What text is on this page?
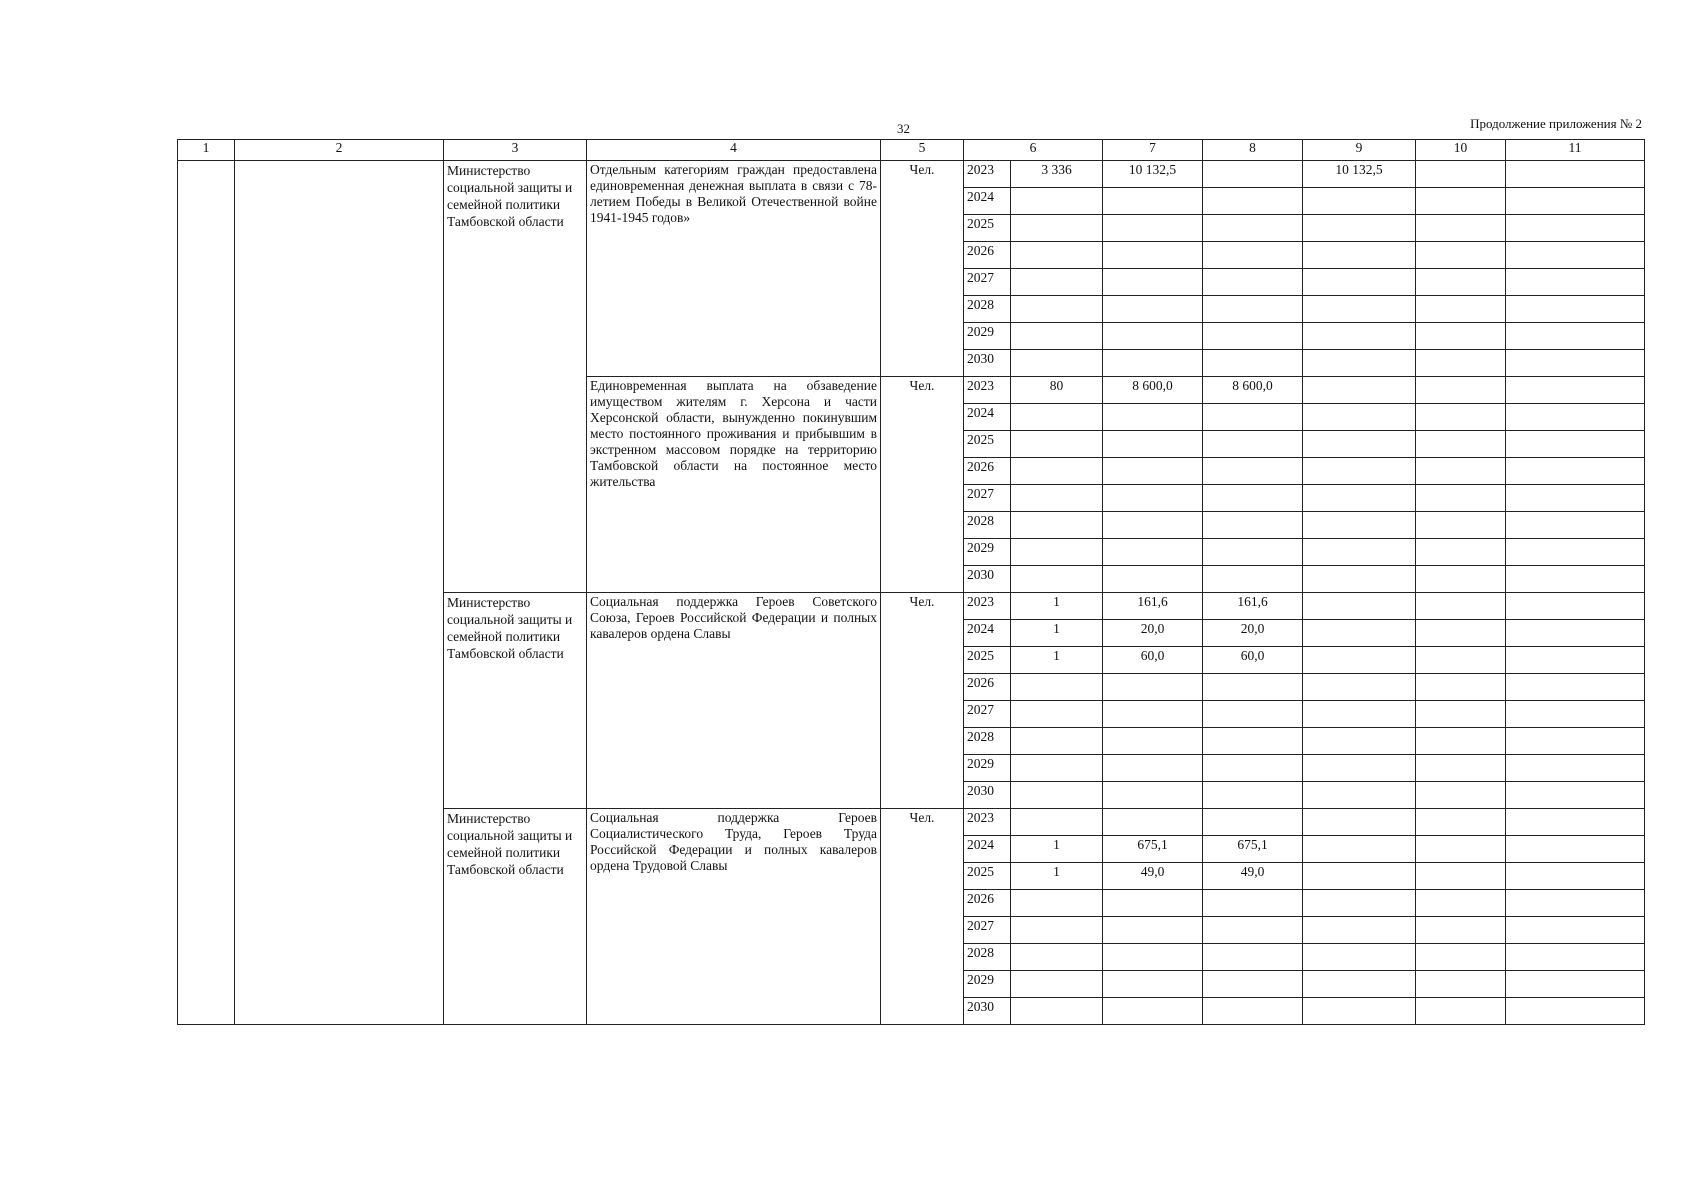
32	Продолжение приложения № 2
1	2	3	4	5	6		7	8	9	10	11
		Министерство социальной защиты и семейной политики Тамбовской области	Отдельным категориям граждан предоставлена единовременная денежная выплата в связи с 78-летием Победы в Великой Отечественной войне 1941-1945 годов»	Чел.	2023	3 336	10 132,5		10 132,5		
					2024						
					2025						
					2026						
					2027						
					2028						
					2029						
					2030						
			Единовременная выплата на обзаведение имуществом жителям г. Херсона и части Херсонской области, вынужденно покинувшим место постоянного проживания и прибывшим в экстренном массовом порядке на территорию Тамбовской области на постоянное место жительства	Чел.	2023	80	8 600,0	8 600,0			
					2024						
					2025						
					2026						
					2027						
					2028						
					2029						
					2030						
		Министерство социальной защиты и семейной политики Тамбовской области	Социальная поддержка Героев Советского Союза, Героев Российской Федерации и полных кавалеров ордена Славы	Чел.	2023	1	161,6	161,6			
					2024	1	20,0	20,0			
					2025	1	60,0	60,0			
					2026						
					2027						
					2028						
					2029						
					2030						
		Министерство социальной защиты и семейной политики Тамбовской области	Социальная поддержка Героев Социалистического Труда, Героев Труда Российской Федерации и полных кавалеров ордена Трудовой Славы	Чел.	2023						
					2024	1	675,1	675,1			
					2025	1	49,0	49,0			
					2026						
					2027						
					2028						
					2029						
					2030						
